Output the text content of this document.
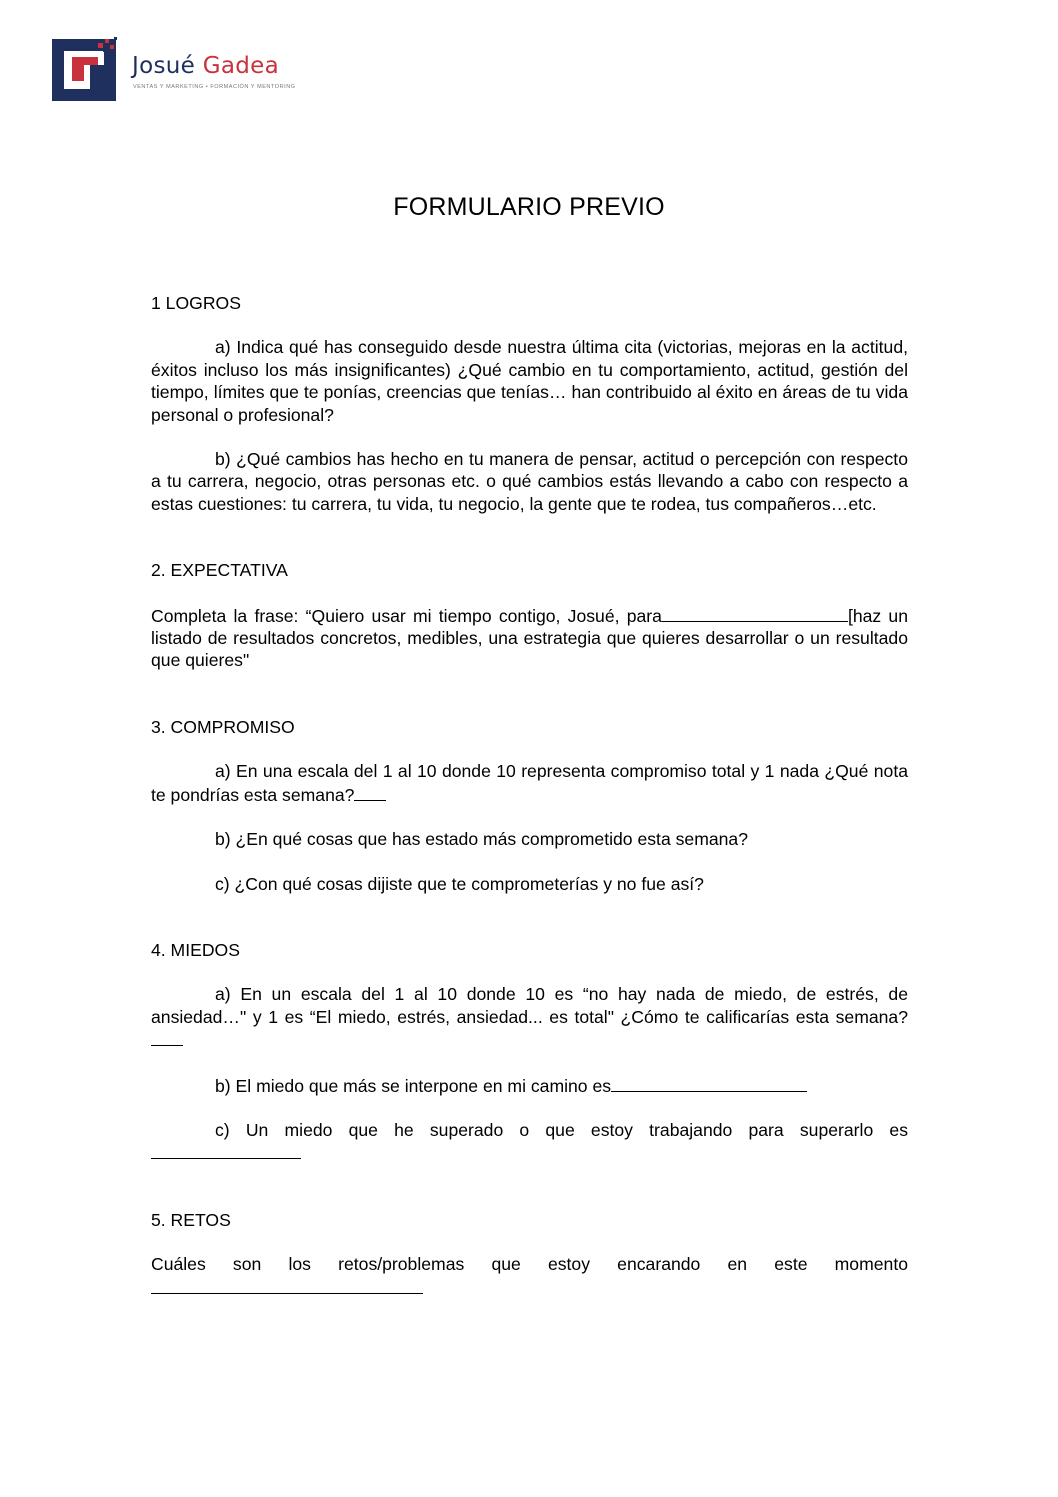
Josué Gadea
VENTAS Y MARKETING • FORMACIÓN Y MENTORING
FORMULARIO PREVIO
1 LOGROS
a) Indica qué has conseguido desde nuestra última cita (victorias, mejoras en la actitud, éxitos incluso los más insignificantes) ¿Qué cambio en tu comportamiento, actitud, gestión del tiempo, límites que te ponías, creencias que tenías… han contribuido al éxito en áreas de tu vida personal o profesional?
b) ¿Qué cambios has hecho en tu manera de pensar, actitud o percepción con respecto a tu carrera, negocio, otras personas etc. o qué cambios estás llevando a cabo con respecto a estas cuestiones: tu carrera, tu vida, tu negocio, la gente que te rodea, tus compañeros…etc.
2. EXPECTATIVA
Completa la frase: “Quiero usar mi tiempo contigo, Josué, para	[haz un listado de resultados concretos, medibles, una estrategia que quieres desarrollar o un resultado que quieres"
3. COMPROMISO
a) En una escala del 1 al 10 donde 10 representa compromiso total y 1 nada ¿Qué nota te pondrías esta semana?
b) ¿En qué cosas que has estado más comprometido esta semana?
c) ¿Con qué cosas dijiste que te comprometerías y no fue así?
4. MIEDOS
a) En un escala del 1 al 10 donde 10 es “no hay nada de miedo, de estrés, de ansiedad…" y 1 es “El miedo, estrés, ansiedad... es total" ¿Cómo te calificarías esta semana?
b) El miedo que más se interpone en mi camino es
c) Un miedo que he superado o que estoy trabajando para superarlo es
5. RETOS
Cuáles son los retos/problemas que estoy encarando en este momento
